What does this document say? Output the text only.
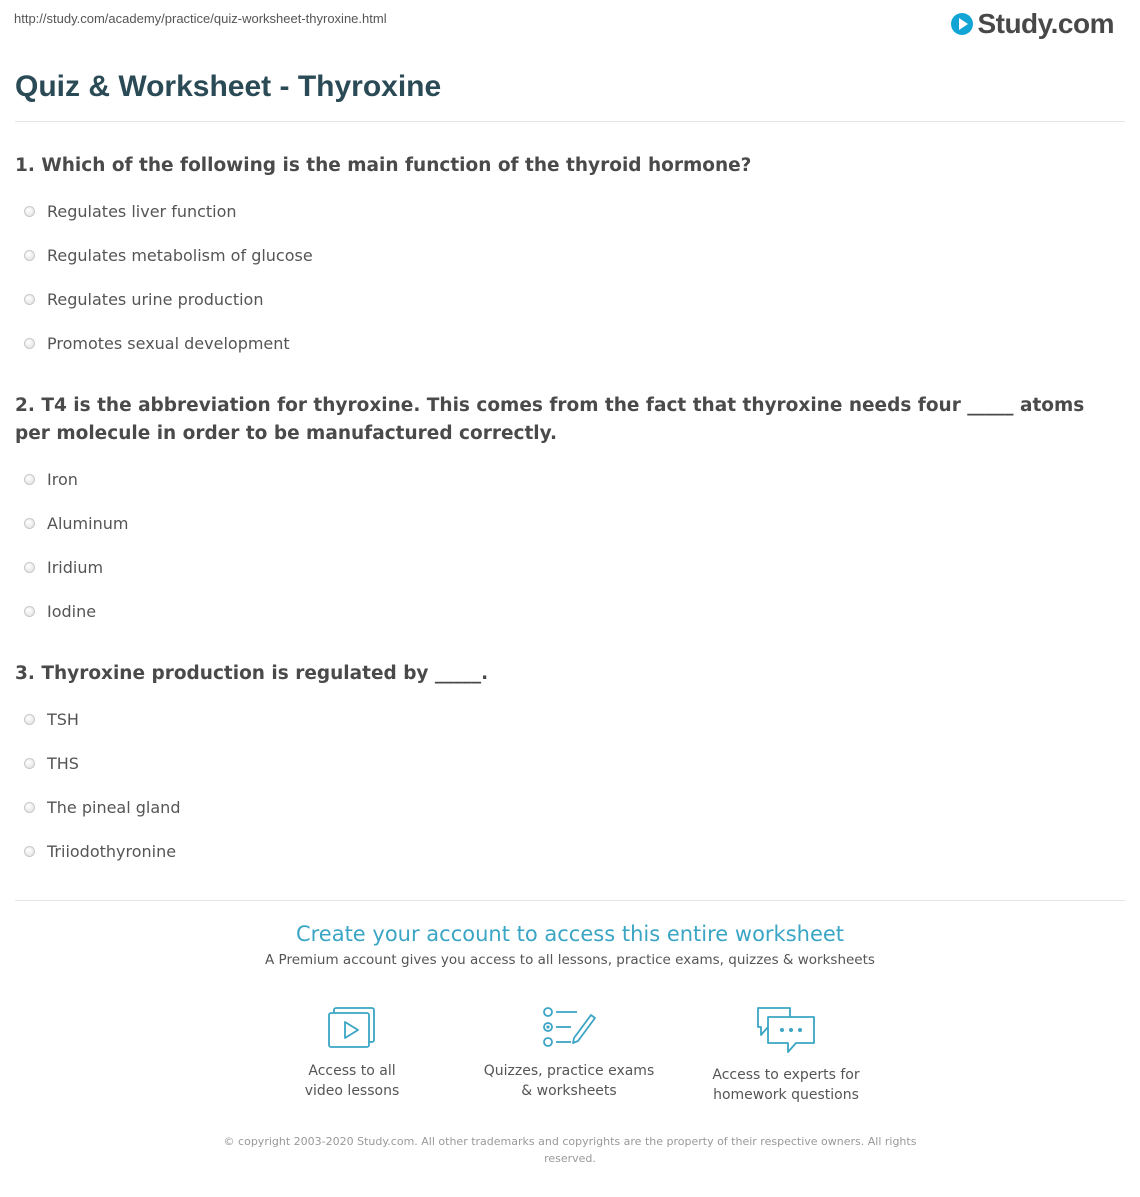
http://study.com/academy/practice/quiz-worksheet-thyroxine.html	Study.com
Quiz & Worksheet - Thyroxine

1. Which of the following is the main function of the thyroid hormone?

Regulates liver function
Regulates metabolism of glucose
Regulates urine production
Promotes sexual development

2. T4 is the abbreviation for thyroxine. This comes from the fact that thyroxine needs four _____ atoms per molecule in order to be manufactured correctly.

Iron
Aluminum
Iridium
Iodine

3. Thyroxine production is regulated by _____.

TSH
THS
The pineal gland
Triiodothyronine
Create your account to access this entire worksheet

A Premium account gives you access to all lessons, practice exams, quizzes & worksheets

Access to all
video lessons
Quizzes, practice exams
& worksheets
Access to experts for
homework questions
© copyright 2003-2020 Study.com. All other trademarks and copyrights are the property of their respective owners. All rights
reserved.
